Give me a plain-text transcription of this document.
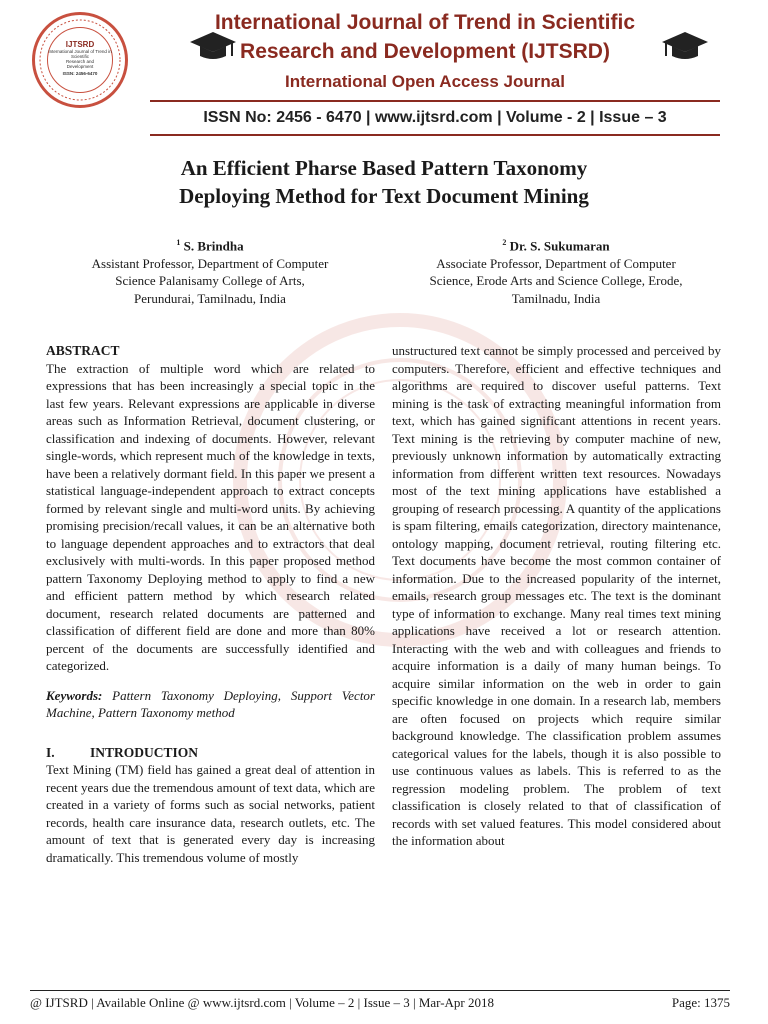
IJTSRD
International Journal of Trend in Scientific
Research and
Development
ISSN: 2456-6470
International Journal of Trend in Scientific
Research and Development (IJTSRD)
International Open Access Journal
ISSN No: 2456 - 6470 | www.ijtsrd.com | Volume - 2 | Issue – 3
An Efficient Pharse Based Pattern Taxonomy
Deploying Method for Text Document Mining
$^1$ S. Brindha
Assistant Professor, Department of Computer
Science Palanisamy College of Arts,
Perundurai, Tamilnadu, India
$^2$ Dr. S. Sukumaran
Associate Professor, Department of Computer
Science, Erode Arts and Science College, Erode,
Tamilnadu, India

ABSTRACT

The extraction of multiple word which are related to expressions that has been increasingly a special topic in the last few years. Relevant expressions are applicable in diverse areas such as Information Retrieval, document clustering, or classification and indexing of documents. However, relevant single-words, which represent much of the knowledge in texts, have been a relatively dormant field. In this paper we present a statistical language-independent approach to extract concepts formed by relevant single and multi-word units. By achieving promising precision/recall values, it can be an alternative both to language dependent approaches and to extractors that deal exclusively with multi-words. In this paper proposed method pattern Taxonomy Deploying method to apply to find a new and efficient pattern method by which research related document, research related documents are patterned and classification of different field are done and more than 80% percent of the documents are successfully identified and categorized.

Keywords: Pattern Taxonomy Deploying, Support Vector Machine, Pattern Taxonomy method

I.	INTRODUCTION

Text Mining (TM) field has gained a great deal of attention in recent years due the tremendous amount of text data, which are created in a variety of forms such as social networks, patient records, health care insurance data, research outlets, etc. The amount of text that is generated every day is increasing dramatically. This tremendous volume of mostly

unstructured text cannot be simply processed and perceived by computers. Therefore, efficient and effective techniques and algorithms are required to discover useful patterns. Text mining is the task of extracting meaningful information from text, which has gained significant attentions in recent years. Text mining is the retrieving by computer machine of new, previously unknown information by automatically extracting information from different written text resources. Nowadays most of the text mining applications have established a grouping of research processing. A quantity of the applications is spam filtering, emails categorization, directory maintenance, ontology mapping, document retrieval, routing filtering etc. Text documents have become the most common container of information. Due to the increased popularity of the internet, emails, research group messages etc. The text is the dominant type of information to exchange. Many real times text mining applications have received a lot or research attention. Interacting with the web and with colleagues and friends to acquire information is a daily of many human beings. To acquire similar information on the web in order to gain specific knowledge in one domain. In a research lab, members are often focused on projects which require similar background knowledge. The classification problem assumes categorical values for the labels, though it is also possible to use continuous values as labels. This is referred to as the regression modeling problem. The problem of text classification is closely related to that of classification of records with set valued features. This model considered about the information about

@ IJTSRD | Available Online @ www.ijtsrd.com | Volume – 2 | Issue – 3 | Mar-Apr 2018	Page: 1375
